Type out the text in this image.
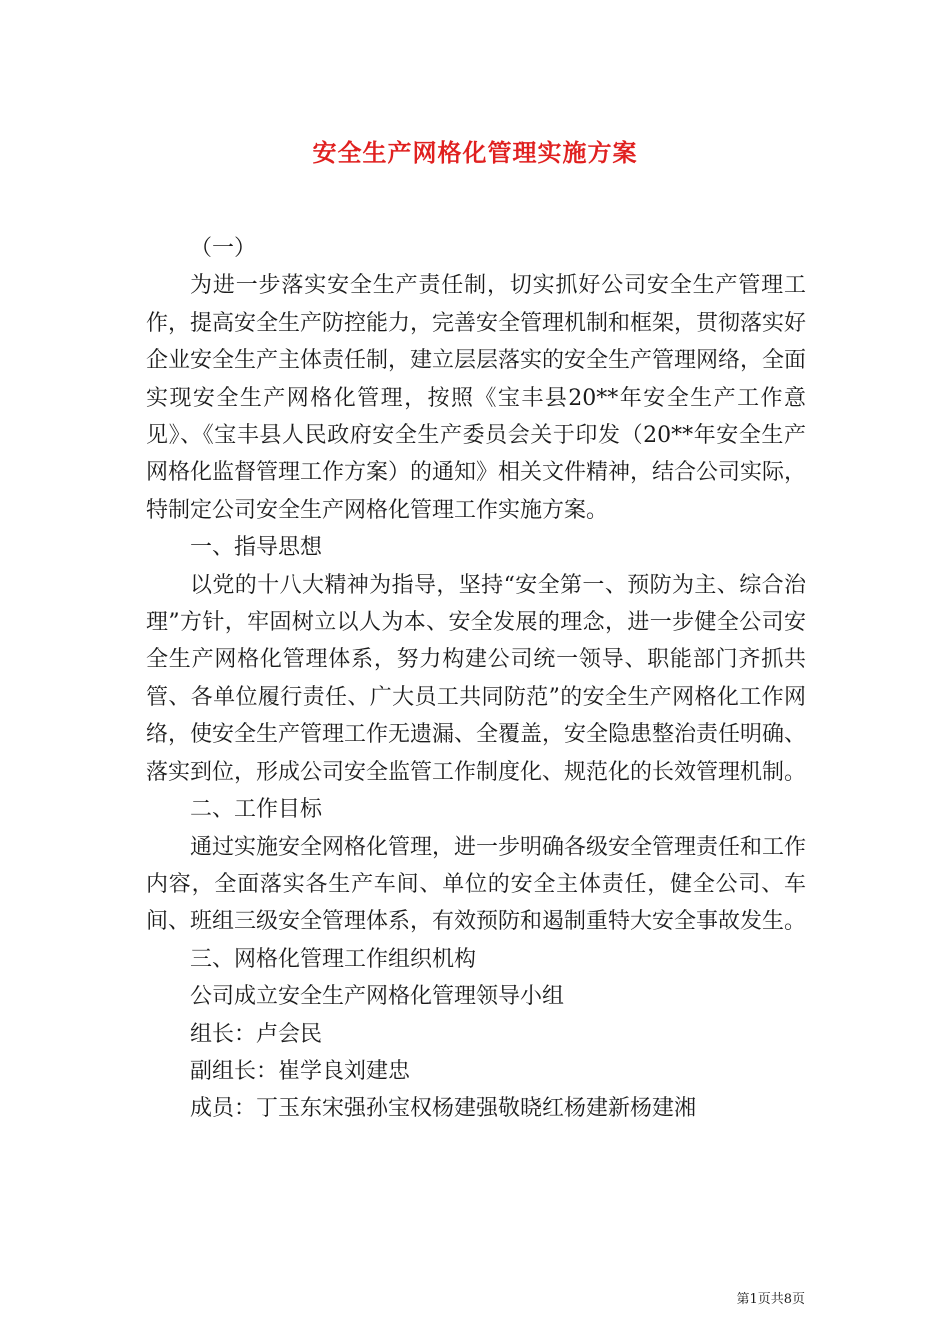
安全生产网格化管理实施方案

（一）

为进一步落实安全生产责任制，切实抓好公司安全生产管理工作，提高安全生产防控能力，完善安全管理机制和框架，贯彻落实好企业安全生产主体责任制，建立层层落实的安全生产管理网络，全面实现安全生产网格化管理，按照《宝丰县20**年安全生产工作意见》、《宝丰县人民政府安全生产委员会关于印发（20**年安全生产网格化监督管理工作方案）的通知》相关文件精神，结合公司实际，特制定公司安全生产网格化管理工作实施方案。

一、指导思想

以党的十八大精神为指导，坚持“安全第一、预防为主、综合治理”方针，牢固树立以人为本、安全发展的理念，进一步健全公司安全生产网格化管理体系，努力构建公司统一领导、职能部门齐抓共管、各单位履行责任、广大员工共同防范”的安全生产网格化工作网络，使安全生产管理工作无遗漏、全覆盖，安全隐患整治责任明确、落实到位，形成公司安全监管工作制度化、规范化的长效管理机制。

二、工作目标

通过实施安全网格化管理，进一步明确各级安全管理责任和工作内容，全面落实各生产车间、单位的安全主体责任，健全公司、车间、班组三级安全管理体系，有效预防和遏制重特大安全事故发生。

三、网格化管理工作组织机构

公司成立安全生产网格化管理领导小组

组长：卢会民

副组长：崔学良刘建忠

成员：丁玉东宋强孙宝权杨建强敬晓红杨建新杨建湘

第1页共8页
